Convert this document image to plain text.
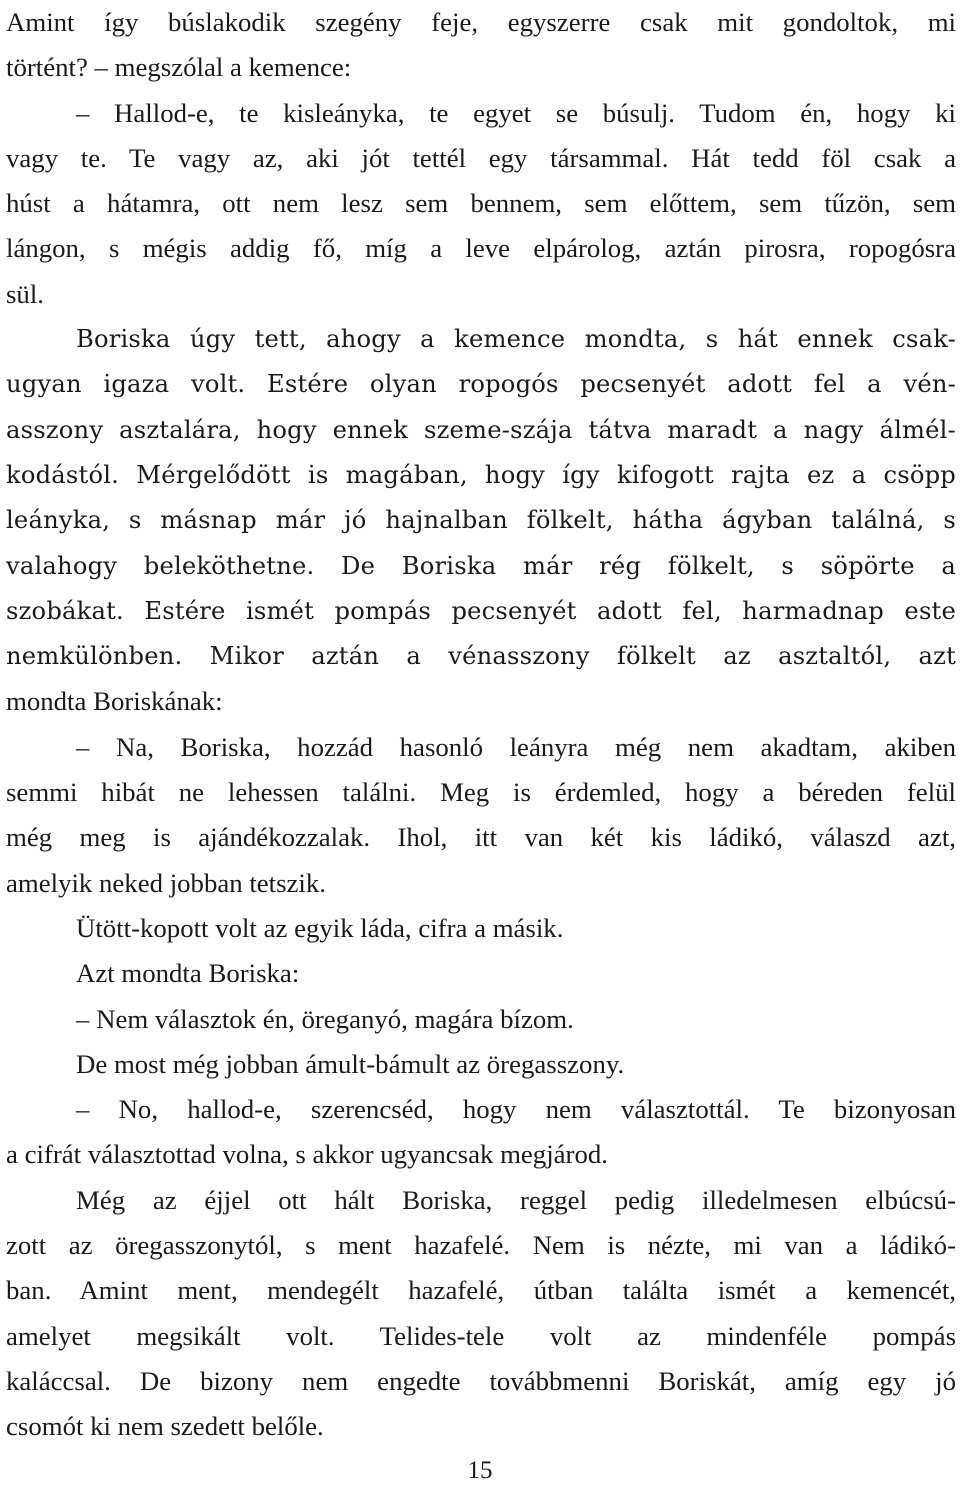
Amint így búslakodik szegény feje, egyszerre csak mit gondoltok, mi
történt? – megszólal a kemence:
– Hallod-e, te kisleányka, te egyet se búsulj. Tudom én, hogy ki
vagy te. Te vagy az, aki jót tettél egy társammal. Hát tedd föl csak a
húst a hátamra, ott nem lesz sem bennem, sem előttem, sem tűzön, sem
lángon, s mégis addig fő, míg a leve elpárolog, aztán pirosra, ropogósra
sül.
Boriska úgy tett, ahogy a kemence mondta, s hát ennek csak-
ugyan igaza volt. Estére olyan ropogós pecsenyét adott fel a vén-
asszony asztalára, hogy ennek szeme-szája tátva maradt a nagy álmél-
kodástól. Mérgelődött is magában, hogy így kifogott rajta ez a csöpp
leányka, s másnap már jó hajnalban fölkelt, hátha ágyban találná, s
valahogy beleköthetne. De Boriska már rég fölkelt, s söpörte a
szobákat. Estére ismét pompás pecsenyét adott fel, harmadnap este
nemkülönben. Mikor aztán a vénasszony fölkelt az asztaltól, azt
mondta Boriskának:
– Na, Boriska, hozzád hasonló leányra még nem akadtam, akiben
semmi hibát ne lehessen találni. Meg is érdemled, hogy a béreden felül
még meg is ajándékozzalak. Ihol, itt van két kis ládikó, válaszd azt,
amelyik neked jobban tetszik.
Ütött-kopott volt az egyik láda, cifra a másik.
Azt mondta Boriska:
– Nem választok én, öreganyó, magára bízom.
De most még jobban ámult-bámult az öregasszony.
– No, hallod-e, szerencséd, hogy nem választottál. Te bizonyosan
a cifrát választottad volna, s akkor ugyancsak megjárod.
Még az éjjel ott hált Boriska, reggel pedig illedelmesen elbúcsú-
zott az öregasszonytól, s ment hazafelé. Nem is nézte, mi van a ládikó-
ban. Amint ment, mendegélt hazafelé, útban találta ismét a kemencét,
amelyet megsikált volt. Telides-tele volt az mindenféle pompás
kaláccsal. De bizony nem engedte továbbmenni Boriskát, amíg egy jó
csomót ki nem szedett belőle.
15
